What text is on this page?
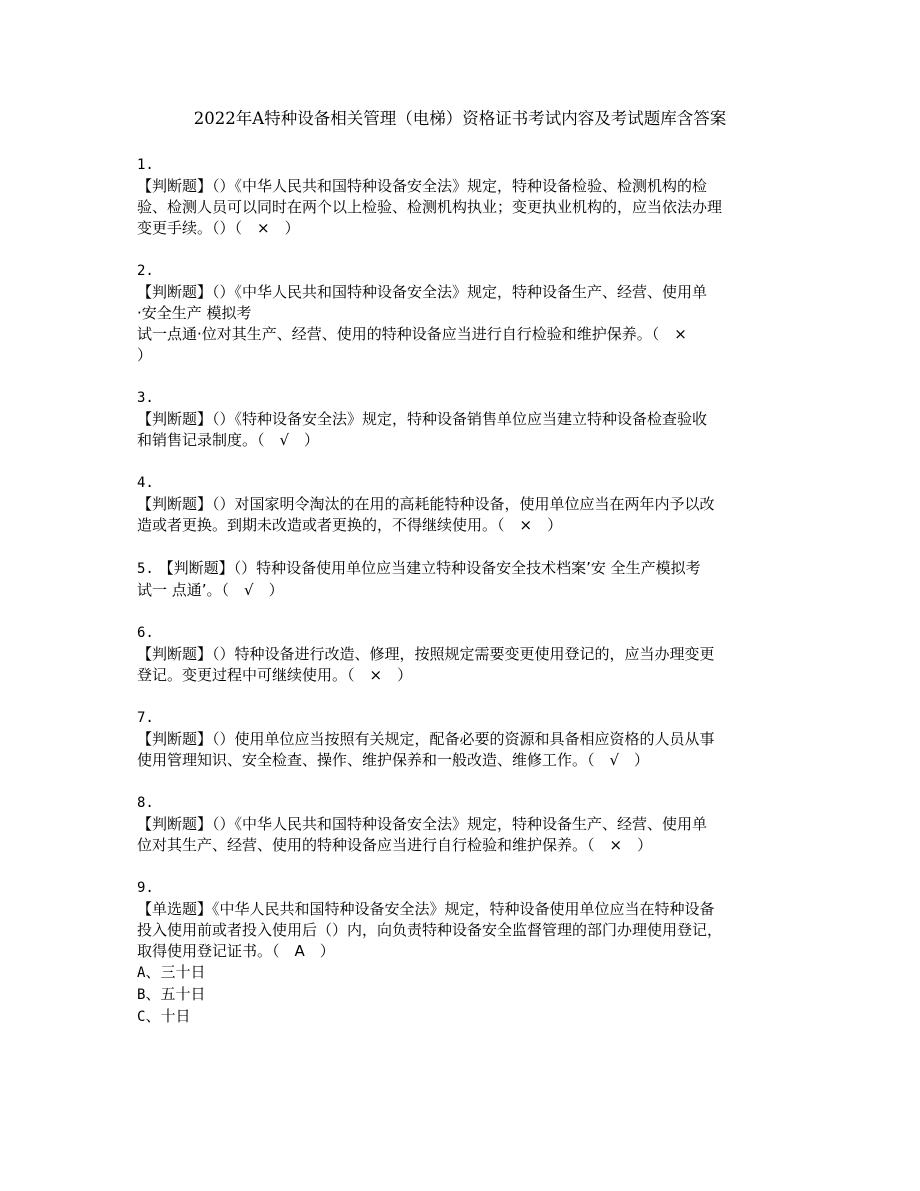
2022年A特种设备相关管理（电梯）资格证书考试内容及考试题库含答案
1.
【判断题】（）《中华人民共和国特种设备安全法》规定，特种设备检验、检测机构的检
验、检测人员可以同时在两个以上检验、检测机构执业；变更执业机构的，应当依法办理
变更手续。（）（　×　）
2.
【判断题】（）《中华人民共和国特种设备安全法》规定，特种设备生产、经营、使用单
·安全生产 模拟考
试一点通·位对其生产、经营、使用的特种设备应当进行自行检验和维护保养。（　×
）
3.
【判断题】（）《特种设备安全法》规定，特种设备销售单位应当建立特种设备检查验收
和销售记录制度。（　√　）
4.
【判断题】（）对国家明令淘汰的在用的高耗能特种设备，使用单位应当在两年内予以改
造或者更换。到期未改造或者更换的，不得继续使用。（　×　）
5. 【判断题】（）特种设备使用单位应当建立特种设备安全技术档案’安 全生产模拟考
试一 点通’。（　√　）
6.
【判断题】（）特种设备进行改造、修理，按照规定需要变更使用登记的，应当办理变更
登记。变更过程中可继续使用。（　×　）
7.
【判断题】（）使用单位应当按照有关规定，配备必要的资源和具备相应资格的人员从事
使用管理知识、安全检查、操作、维护保养和一般改造、维修工作。（　√　）
8.
【判断题】（）《中华人民共和国特种设备安全法》规定，特种设备生产、经营、使用单
位对其生产、经营、使用的特种设备应当进行自行检验和维护保养。（　×　）
9.
【单选题】《中华人民共和国特种设备安全法》规定，特种设备使用单位应当在特种设备
投入使用前或者投入使用后（）内，向负责特种设备安全监督管理的部门办理使用登记，
取得使用登记证书。（　A　）
A、三十日
B、五十日
C、十日
